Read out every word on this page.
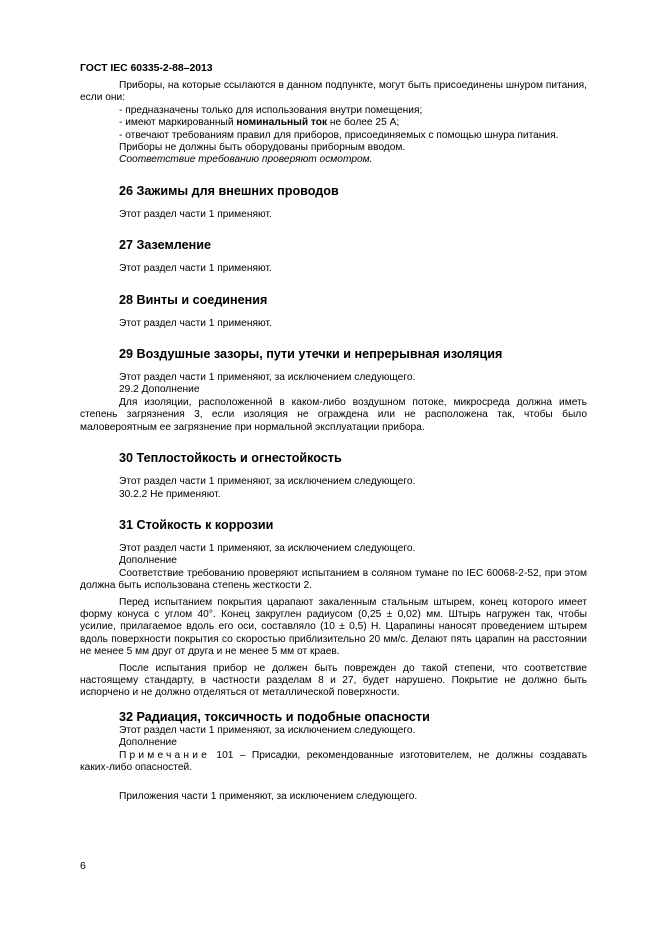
ГОСТ IEC 60335-2-88–2013

Приборы, на которые ссылаются в данном подпункте, могут быть присоединены шнуром питания, если они:

- предназначены только для использования внутри помещения;

- имеют маркированный номинальный ток не более 25 А;

- отвечают требованиям правил для приборов, присоединяемых с помощью шнура питания.

Приборы не должны быть оборудованы приборным вводом.

Соответствие требованию проверяют осмотром.

26 Зажимы для внешних проводов

Этот раздел части 1 применяют.

27 Заземление

Этот раздел части 1 применяют.

28 Винты и соединения

Этот раздел части 1 применяют.

29 Воздушные зазоры, пути утечки и непрерывная изоляция

Этот раздел части 1 применяют, за исключением следующего.

29.2 Дополнение

Для изоляции, расположенной в каком-либо воздушном потоке, микросреда должна иметь степень загрязнения 3, если изоляция не ограждена или не расположена так, чтобы было маловероятным ее загрязнение при нормальной эксплуатации прибора.

30 Теплостойкость и огнестойкость

Этот раздел части 1 применяют, за исключением следующего.

30.2.2 Не применяют.

31 Стойкость к коррозии

Этот раздел части 1 применяют, за исключением следующего.

Дополнение

Соответствие требованию проверяют испытанием в соляном тумане по IEC 60068-2-52, при этом должна быть использована степень жесткости 2.

Перед испытанием покрытия царапают закаленным стальным штырем, конец которого имеет форму конуса с углом 40°. Конец закруглен радиусом (0,25 ± 0,02) мм. Штырь нагружен так, чтобы усилие, прилагаемое вдоль его оси, составляло (10 ± 0,5) Н. Царапины наносят проведением штырем вдоль поверхности покрытия со скоростью приблизительно 20 мм/с. Делают пять царапин на расстоянии не менее 5 мм друг от друга и не менее 5 мм от краев.

После испытания прибор не должен быть поврежден до такой степени, что соответствие настоящему стандарту, в частности разделам 8 и 27, будет нарушено. Покрытие не должно быть испорчено и не должно отделяться от металлической поверхности.

32 Радиация, токсичность и подобные опасности

Этот раздел части 1 применяют, за исключением следующего.

Дополнение

Примечание 101 – Присадки, рекомендованные изготовителем, не должны создавать каких-либо опасностей.

Приложения части 1 применяют, за исключением следующего.

6
